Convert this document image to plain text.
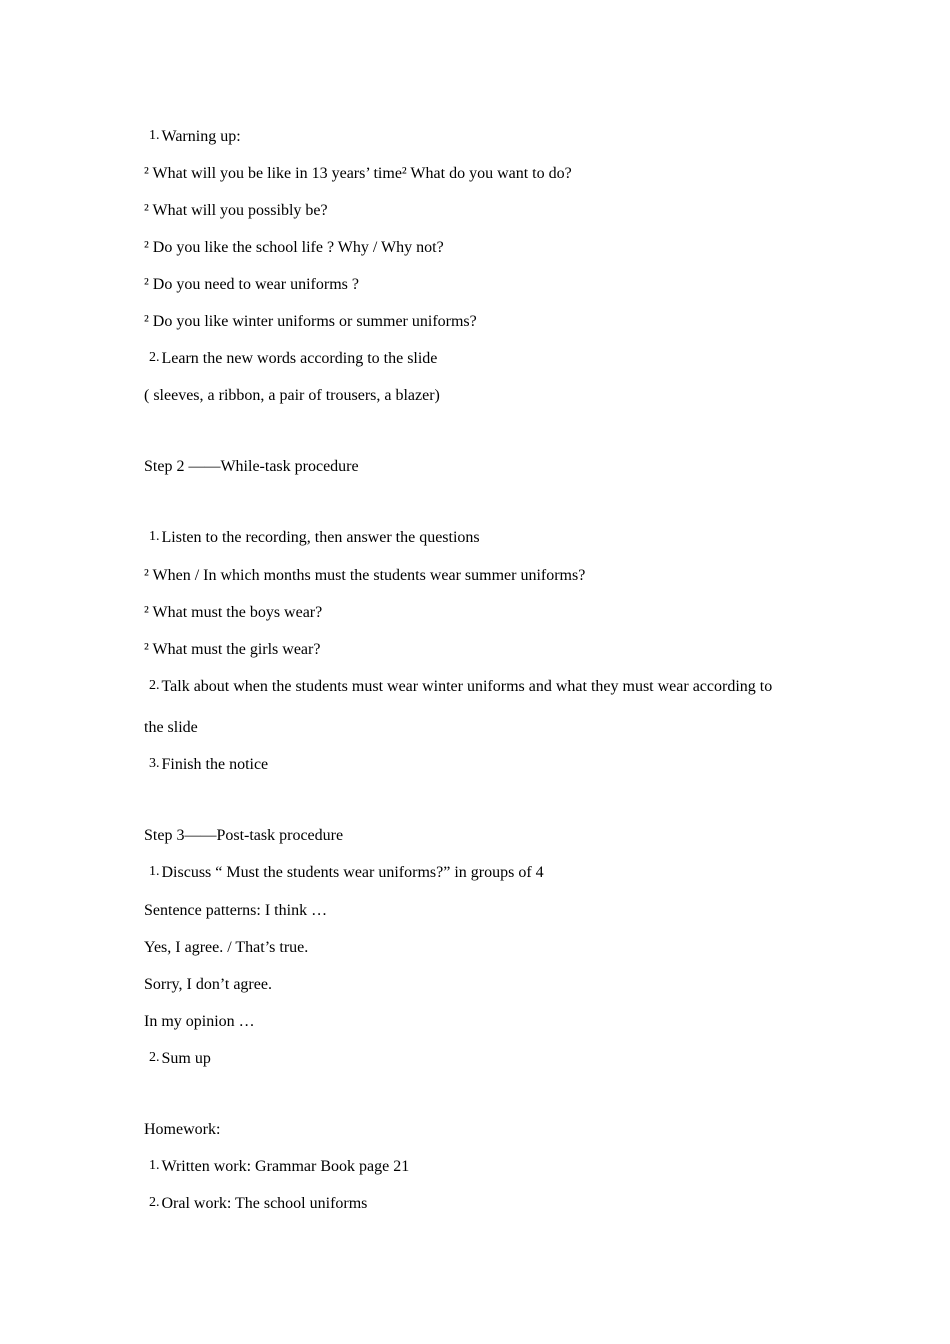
1. Warning up:
² What will you be like in 13 years’ time² What do you want to do?
² What will you possibly be?
² Do you like the school life ? Why / Why not?
² Do you need to wear uniforms ?
² Do you like winter uniforms or summer uniforms?
2. Learn the new words according to the slide
( sleeves, a ribbon, a pair of trousers, a blazer)
Step 2 ——While-task procedure
1. Listen to the recording, then answer the questions
² When / In which months must the students wear summer uniforms?
² What must the boys wear?
² What must the girls wear?
2. Talk about when the students must wear winter uniforms and what they must wear according to
the slide
3. Finish the notice
Step 3——Post-task procedure
1. Discuss “ Must the students wear uniforms?” in groups of 4
Sentence patterns: I think …
Yes, I agree. / That’s true.
Sorry, I don’t agree.
In my opinion …
2. Sum up
Homework:
1. Written work: Grammar Book page 21
2. Oral work: The school uniforms
